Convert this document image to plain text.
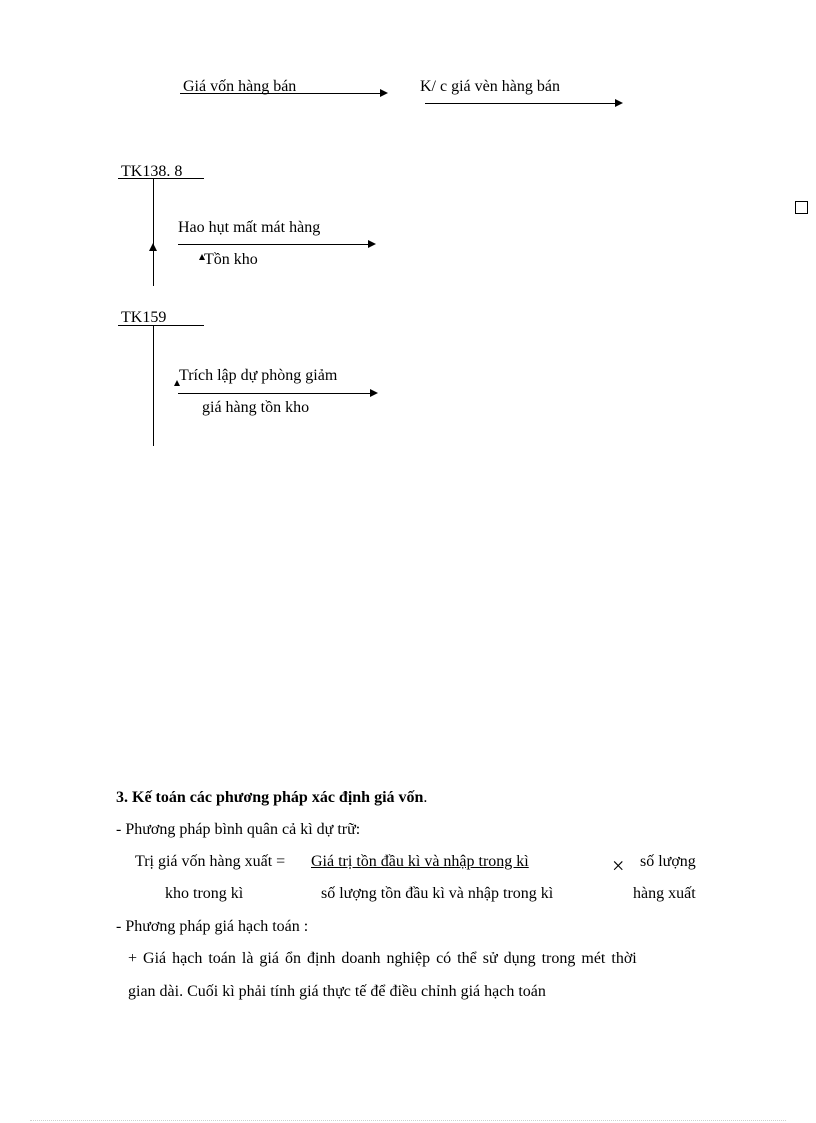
Giá vốn hàng bán	K/ c giá vèn hàng bán
TK138. 8
Hao hụt mất mát hàng
Tồn kho
TK159
Trích lập dự phòng giảm
giá hàng tồn kho
3. Kế toán các phương pháp xác định giá vốn.
- Phương pháp bình quân cả kì dự trữ:
Trị giá vốn hàng xuất = Giá trị tồn đầu kì và nhập trong kì	× số lượng
kho trong kì	số lượng tồn đầu kì và nhập trong kì	hàng xuất
- Phương pháp giá hạch toán :
+ Giá hạch toán là giá ổn định doanh nghiệp có thể sử dụng trong mét thời
gian dài. Cuối kì phải tính giá thực tế để điều chỉnh giá hạch toán
